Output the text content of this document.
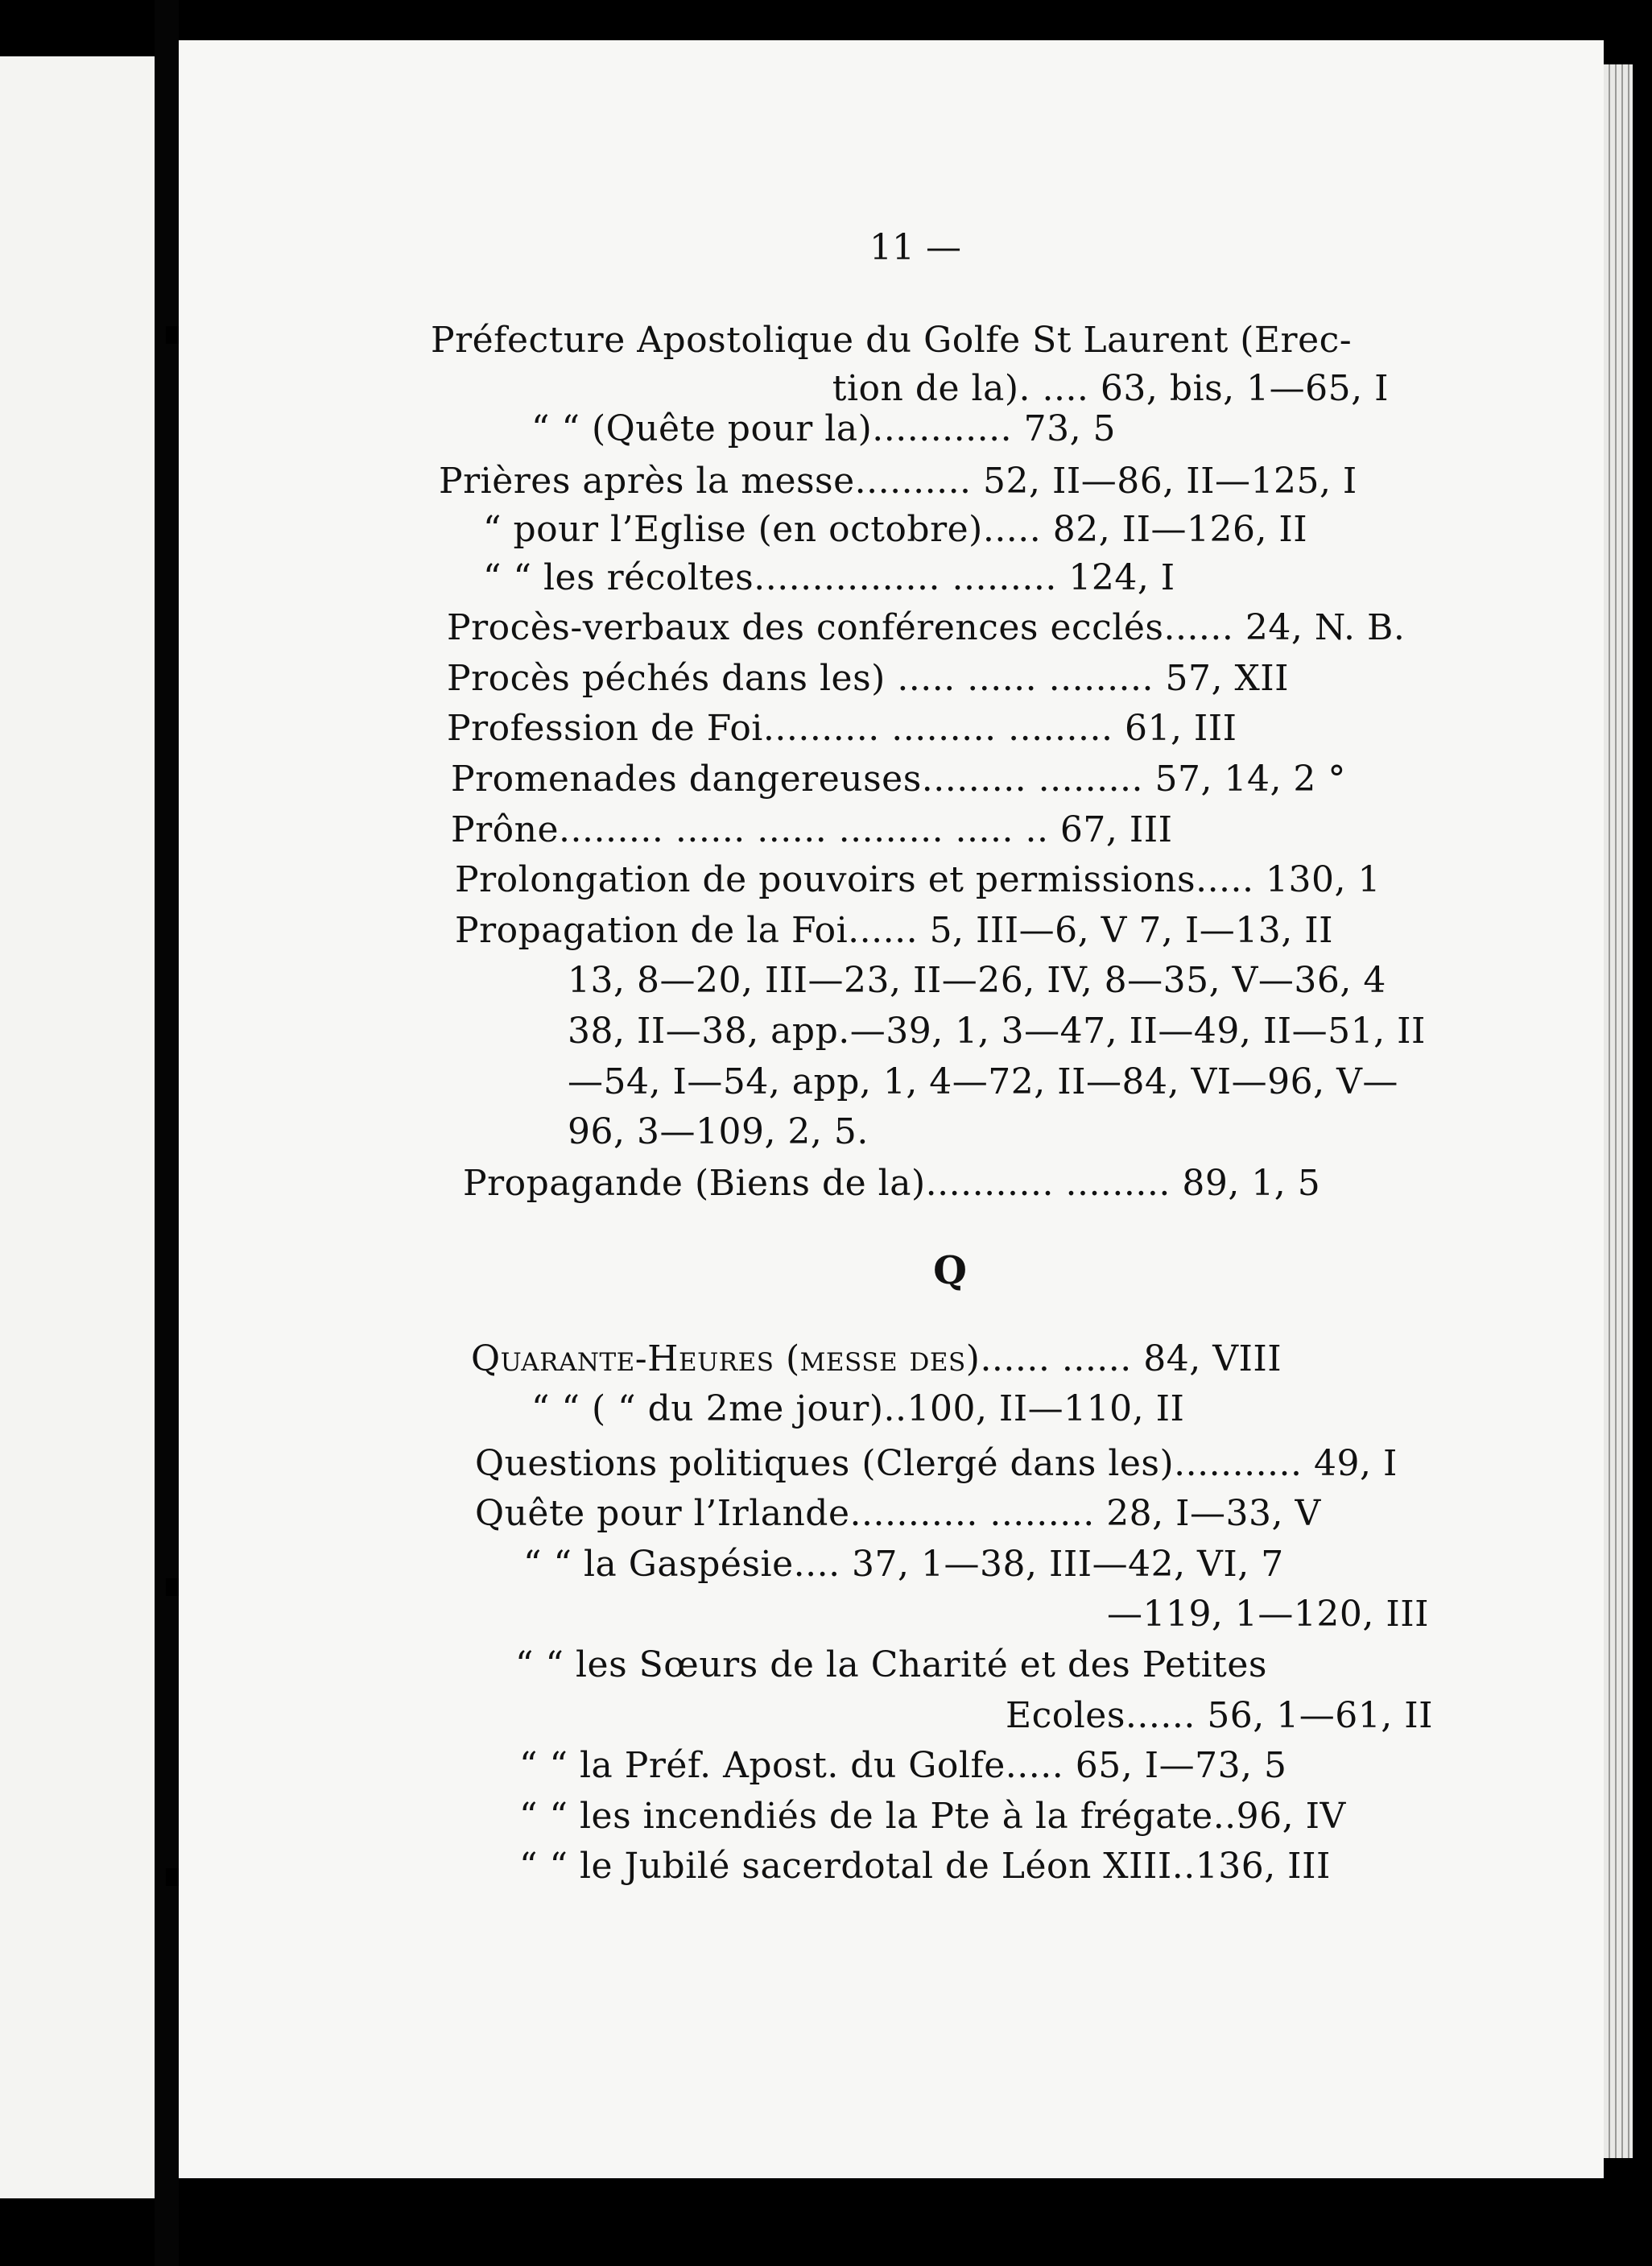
11 —
Préfecture Apostolique du Golfe St Laurent (Erec-
tion de la). .... 63, bis, 1—65, I
“ “ (Quête pour la)............ 73, 5
Prières après la messe.......... 52, II—86, II—125, I
“ pour l’Eglise (en octobre)..... 82, II—126, II
“ “ les récoltes................ ......... 124, I
Procès-verbaux des conférences ecclés...... 24, N. B.
Procès péchés dans les) ..... ...... ......... 57, XII
Profession de Foi.......... ......... ......... 61, III
Promenades dangereuses......... ......... 57, 14, 2 °
Prône......... ...... ...... ......... ..... .. 67, III
Prolongation de pouvoirs et permissions..... 130, 1
Propagation de la Foi...... 5, III—6, V 7, I—13, II
13, 8—20, III—23, II—26, IV, 8—35, V—36, 4
38, II—38, app.—39, 1, 3—47, II—49, II—51, II
—54, I—54, app, 1, 4—72, II—84, VI—96, V—
96, 3—109, 2, 5.
Propagande (Biens de la)........... ......... 89, 1, 5
Q
Quarante-Heures (messe des)...... ...... 84, VIII
“ “ ( “ du 2me jour)..100, II—110, II
Questions politiques (Clergé dans les)........... 49, I
Quête pour l’Irlande........... ......... 28, I—33, V
“ “ la Gaspésie.... 37, 1—38, III—42, VI, 7
—119, 1—120, III
“ “ les Sœurs de la Charité et des Petites
Ecoles...... 56, 1—61, II
“ “ la Préf. Apost. du Golfe..... 65, I—73, 5
“ “ les incendiés de la Pte à la frégate..96, IV
“ “ le Jubilé sacerdotal de Léon XIII..136, III
